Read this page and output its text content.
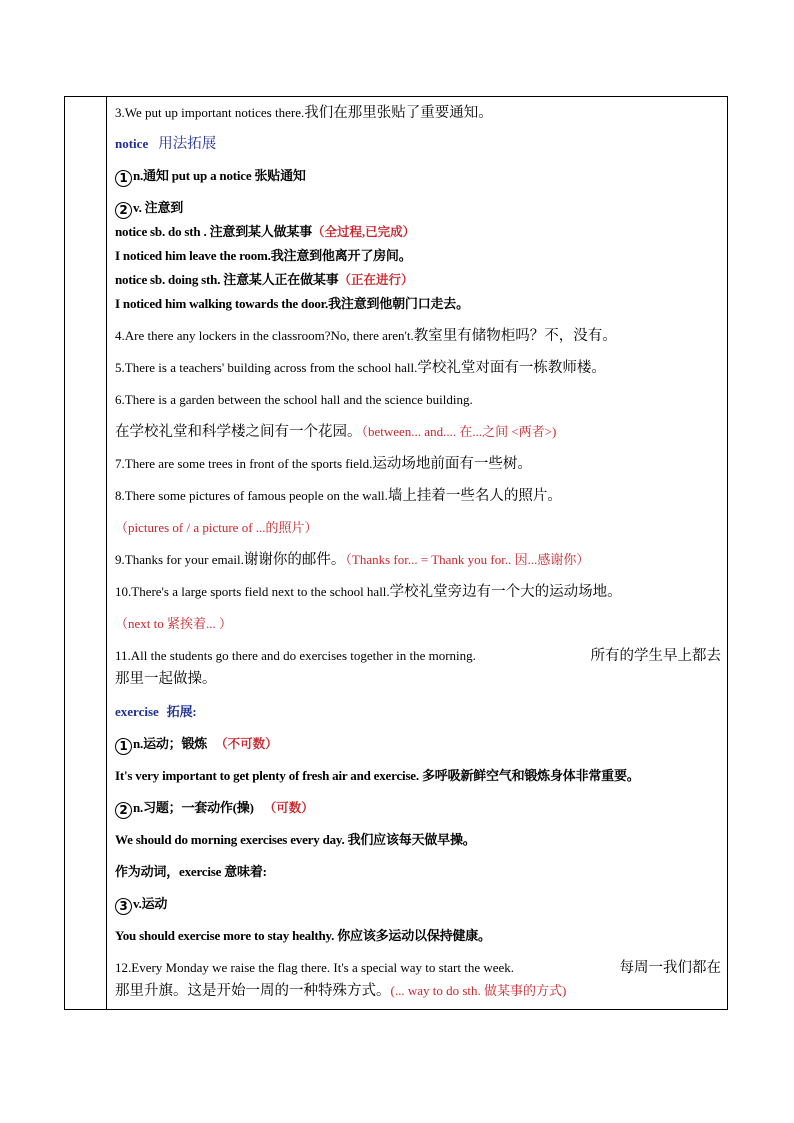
3.We put up important notices there.我们在那里张贴了重要通知。
notice 用法拓展
1 n.通知 put up a notice 张贴通知
2 v. 注意到
notice sb. do sth . 注意到某人做某事（全过程,已完成）
I noticed him leave the room.我注意到他离开了房间。
notice sb. doing sth. 注意某人正在做某事（正在进行）
I noticed him walking towards the door.我注意到他朝门口走去。
4.Are there any lockers in the classroom?No, there aren't.教室里有储物柜吗？不，没有。
5.There is a teachers' building across from the school hall.学校礼堂对面有一栋教师楼。
6.There is a garden between the school hall and the science building.
在学校礼堂和科学楼之间有一个花园。（between... and.... 在...之间 <两者>)
7.There are some trees in front of the sports field.运动场地前面有一些树。
8.There some pictures of famous people on the wall.墙上挂着一些名人的照片。
（pictures of / a picture of ...的照片）
9.Thanks for your email.谢谢你的邮件。（Thanks for... = Thank you for.. 因...感谢你）
10.There's a large sports field next to the school hall.学校礼堂旁边有一个大的运动场地。
（next to 紧挨着... ）
11.All the students go there and do exercises together in the morning.	所有的学生早上都去
那里一起做操。
exercise 拓展:
1 n.运动；锻炼 （不可数）
It's very important to get plenty of fresh air and exercise. 多呼吸新鲜空气和锻炼身体非常重要。
2 n.习题；一套动作(操) （可数）
We should do morning exercises every day. 我们应该每天做早操。
作为动词，exercise 意味着:
3 v.运动
You should exercise more to stay healthy. 你应该多运动以保持健康。
12.Every Monday we raise the flag there. It's a special way to start the week.	每周一我们都在
那里升旗。这是开始一周的一种特殊方式。(... way to do sth. 做某事的方式)
